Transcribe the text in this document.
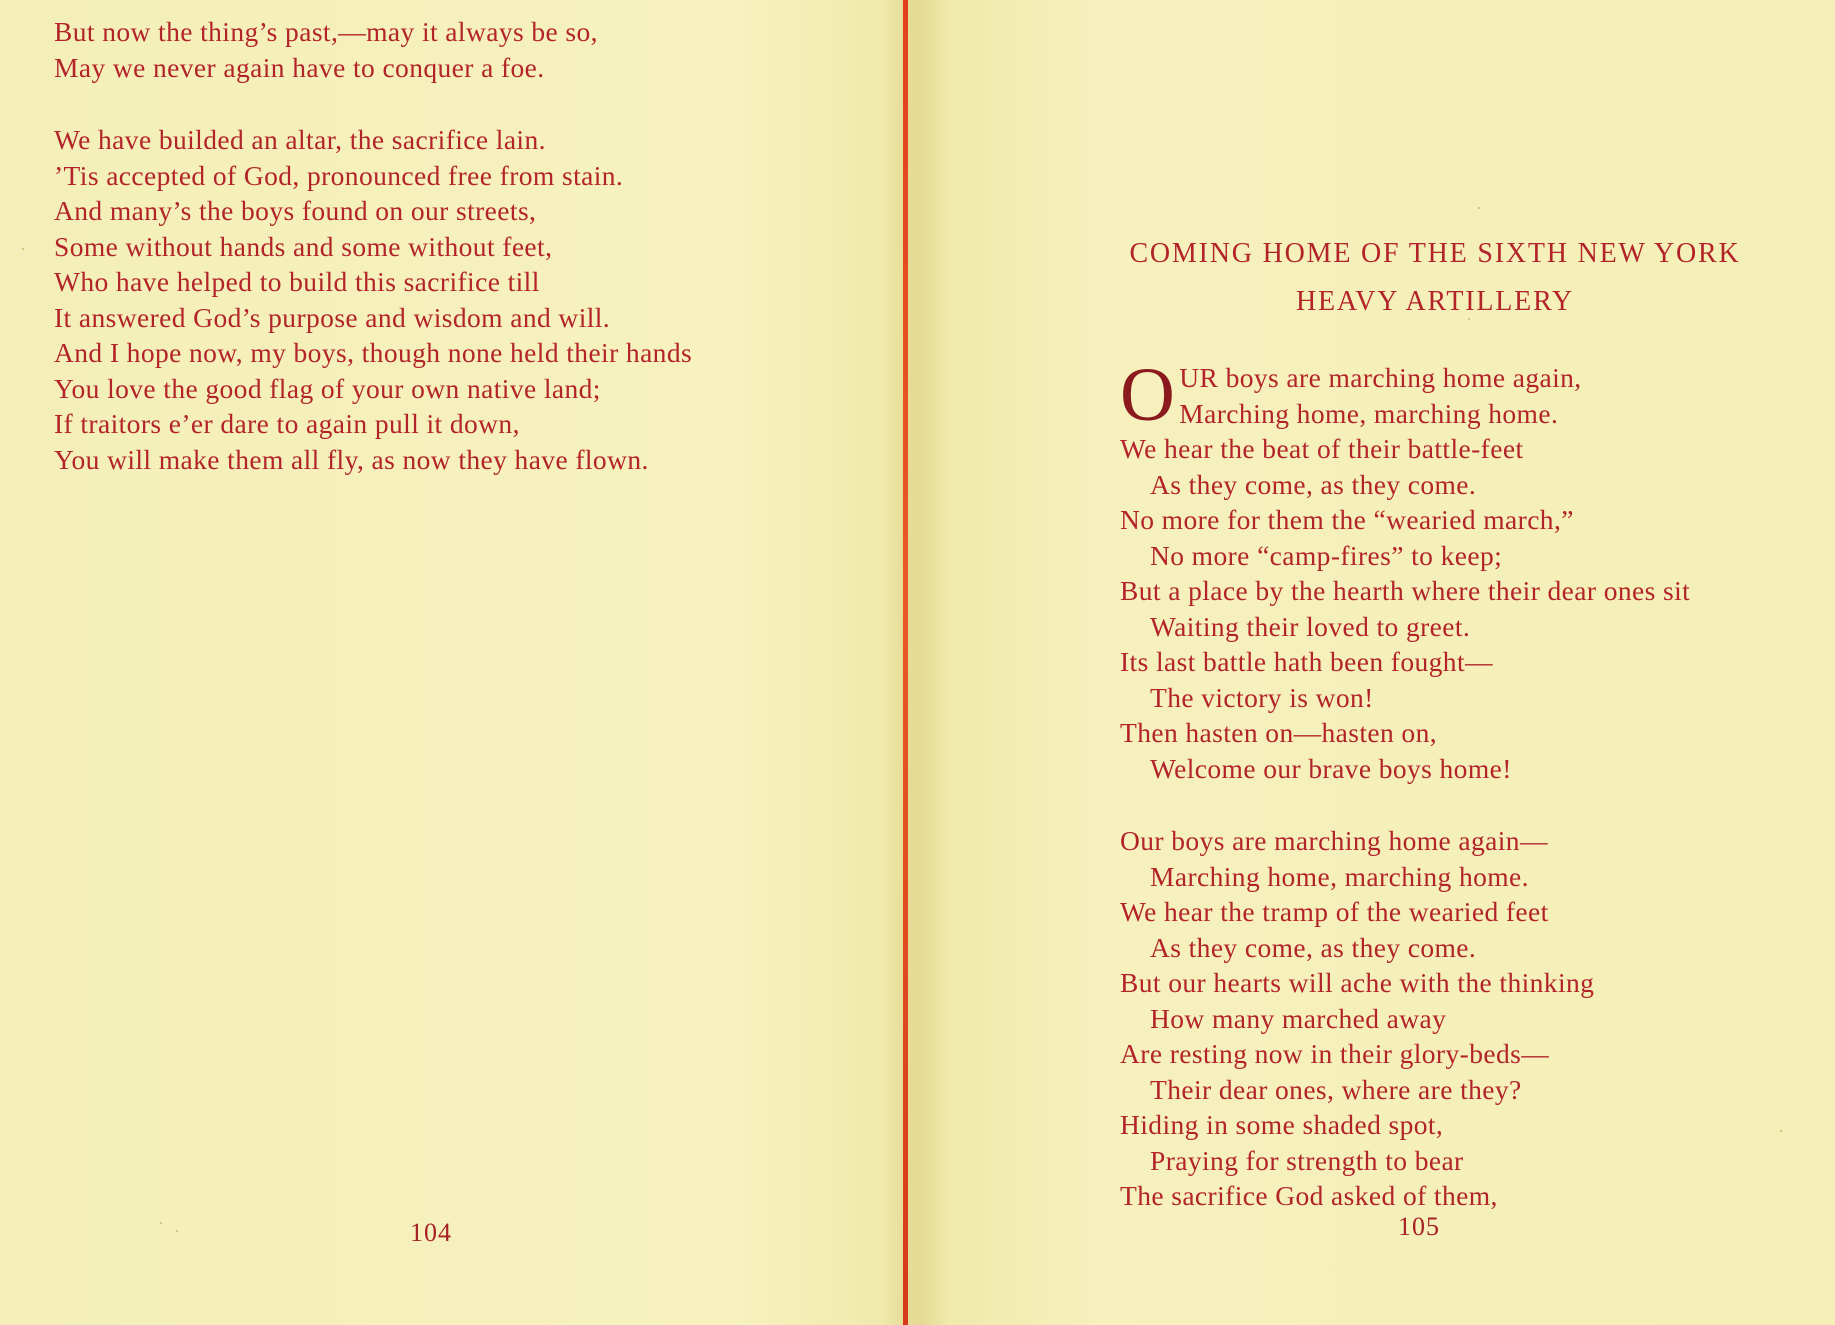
But now the thing’s past,—may it always be so,
May we never again have to conquer a foe.
We have builded an altar, the sacrifice lain.
’Tis accepted of God, pronounced free from stain.
And many’s the boys found on our streets,
Some without hands and some without feet,
Who have helped to build this sacrifice till
It answered God’s purpose and wisdom and will.
And I hope now, my boys, though none held their hands
You love the good flag of your own native land;
If traitors e’er dare to again pull it down,
You will make them all fly, as now they have flown.
104
COMING HOME OF THE SIXTH NEW YORK
HEAVY ARTILLERY
O UR boys are marching home again,
Marching home, marching home.
We hear the beat of their battle-feet
As they come, as they come.
No more for them the “wearied march,”
No more “camp-fires” to keep;
But a place by the hearth where their dear ones sit
Waiting their loved to greet.
Its last battle hath been fought—
The victory is won!
Then hasten on—hasten on,
Welcome our brave boys home!
Our boys are marching home again—
Marching home, marching home.
We hear the tramp of the wearied feet
As they come, as they come.
But our hearts will ache with the thinking
How many marched away
Are resting now in their glory-beds—
Their dear ones, where are they?
Hiding in some shaded spot,
Praying for strength to bear
The sacrifice God asked of them,
105
